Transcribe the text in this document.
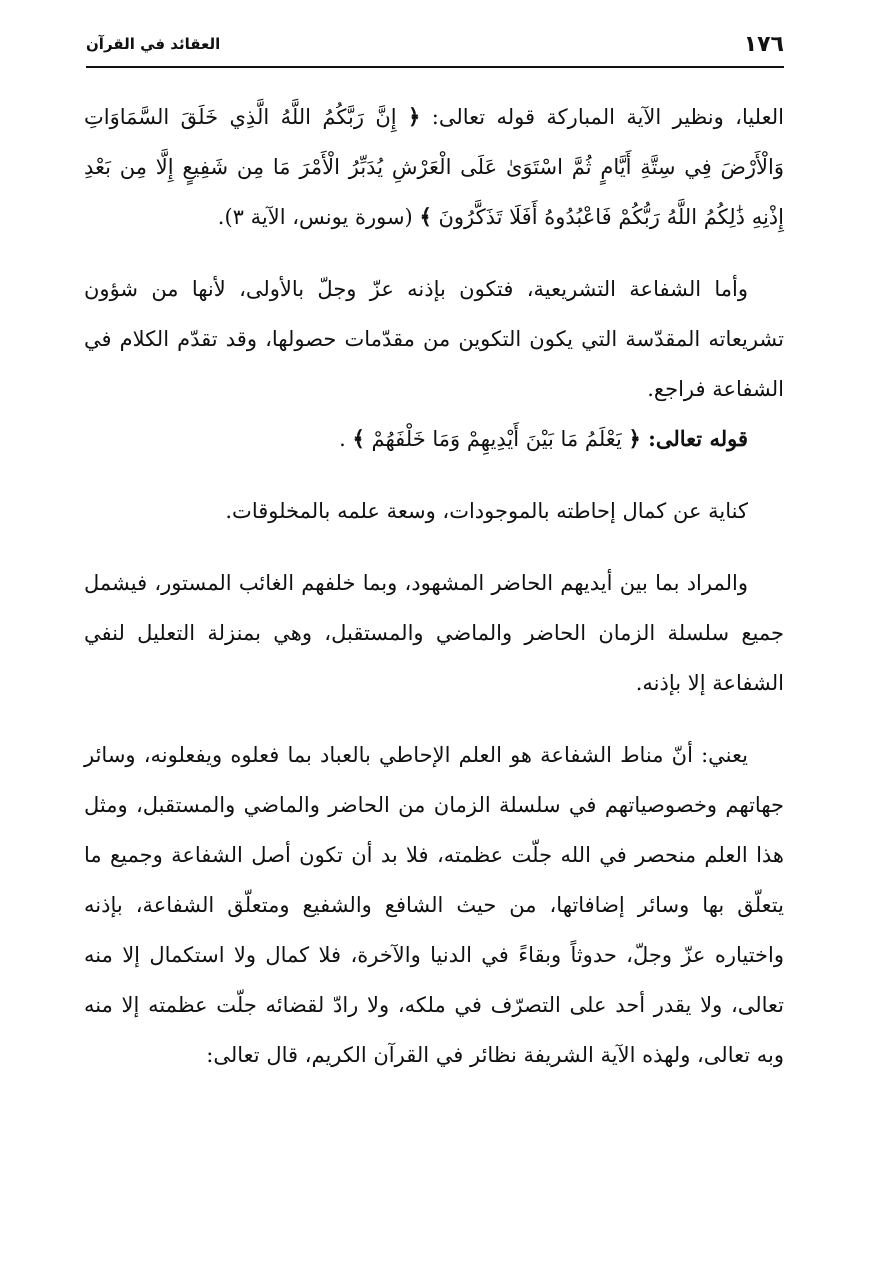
١٧٦
العقائد في القرآن

العليا، ونظير الآية المباركة قوله تعالى: ﴿ إِنَّ رَبَّكُمُ اللَّهُ الَّذِي خَلَقَ السَّمَاوَاتِ وَالْأَرْضَ فِي سِتَّةِ أَيَّامٍ ثُمَّ اسْتَوَىٰ عَلَى الْعَرْشِ يُدَبِّرُ الْأَمْرَ مَا مِن شَفِيعٍ إِلَّا مِن بَعْدِ إِذْنِهِ ذَٰلِكُمُ اللَّهُ رَبُّكُمْ فَاعْبُدُوهُ أَفَلَا تَذَكَّرُونَ ﴾ (سورة يونس، الآية ٣).

وأما الشفاعة التشريعية، فتكون بإذنه عزّ وجلّ بالأولى، لأنها من شؤون تشريعاته المقدّسة التي يكون التكوين من مقدّمات حصولها، وقد تقدّم الكلام في الشفاعة فراجع.

قوله تعالى: ﴿ يَعْلَمُ مَا بَيْنَ أَيْدِيهِمْ وَمَا خَلْفَهُمْ ﴾ .

كناية عن كمال إحاطته بالموجودات، وسعة علمه بالمخلوقات.

والمراد بما بين أيديهم الحاضر المشهود، وبما خلفهم الغائب المستور، فيشمل جميع سلسلة الزمان الحاضر والماضي والمستقبل، وهي بمنزلة التعليل لنفي الشفاعة إلا بإذنه.

يعني: أنّ مناط الشفاعة هو العلم الإحاطي بالعباد بما فعلوه ويفعلونه، وسائر جهاتهم وخصوصياتهم في سلسلة الزمان من الحاضر والماضي والمستقبل، ومثل هذا العلم منحصر في الله جلّت عظمته، فلا بد أن تكون أصل الشفاعة وجميع ما يتعلّق بها وسائر إضافاتها، من حيث الشافع والشفيع ومتعلّق الشفاعة، بإذنه واختياره عزّ وجلّ، حدوثاً وبقاءً في الدنيا والآخرة، فلا كمال ولا استكمال إلا منه تعالى، ولا يقدر أحد على التصرّف في ملكه، ولا رادّ لقضائه جلّت عظمته إلا منه وبه تعالى، ولهذه الآية الشريفة نظائر في القرآن الكريم، قال تعالى:
